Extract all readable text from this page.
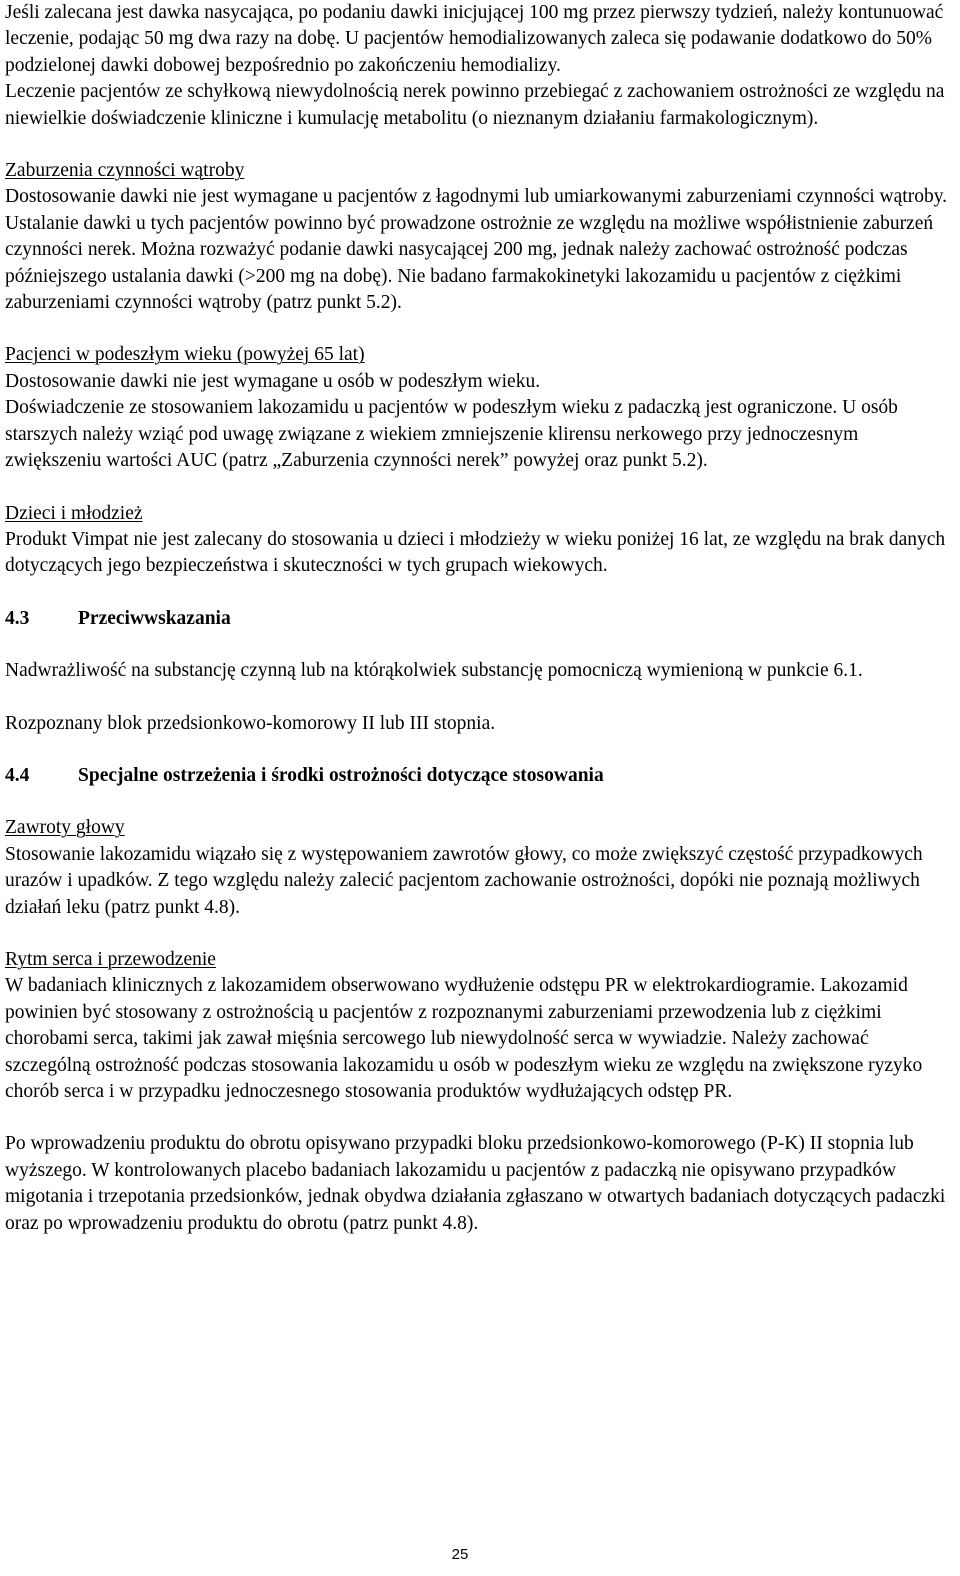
Jeśli zalecana jest dawka nasycająca, po podaniu dawki inicjującej 100 mg przez pierwszy tydzień, należy kontunuować leczenie, podając 50 mg dwa razy na dobę. U pacjentów hemodializowanych zaleca się podawanie dodatkowo do 50% podzielonej dawki dobowej bezpośrednio po zakończeniu hemodializy.

Leczenie pacjentów ze schyłkową niewydolnością nerek powinno przebiegać z zachowaniem ostrożności ze względu na niewielkie doświadczenie kliniczne i kumulację metabolitu (o nieznanym działaniu farmakologicznym).

Zaburzenia czynności wątroby

Dostosowanie dawki nie jest wymagane u pacjentów z łagodnymi lub umiarkowanymi zaburzeniami czynności wątroby.

Ustalanie dawki u tych pacjentów powinno być prowadzone ostrożnie ze względu na możliwe współistnienie zaburzeń czynności nerek. Można rozważyć podanie dawki nasycającej 200 mg, jednak należy zachować ostrożność podczas późniejszego ustalania dawki (>200 mg na dobę). Nie badano farmakokinetyki lakozamidu u pacjentów z ciężkimi zaburzeniami czynności wątroby (patrz punkt 5.2).

Pacjenci w podeszłym wieku (powyżej 65 lat)

Dostosowanie dawki nie jest wymagane u osób w podeszłym wieku.

Doświadczenie ze stosowaniem lakozamidu u pacjentów w podeszłym wieku z padaczką jest ograniczone. U osób starszych należy wziąć pod uwagę związane z wiekiem zmniejszenie klirensu nerkowego przy jednoczesnym zwiększeniu wartości AUC (patrz „Zaburzenia czynności nerek” powyżej oraz punkt 5.2).

Dzieci i młodzież

Produkt Vimpat nie jest zalecany do stosowania u dzieci i młodzieży w wieku poniżej 16 lat, ze względu na brak danych dotyczących jego bezpieczeństwa i skuteczności w tych grupach wiekowych.

4.3 Przeciwwskazania

Nadwrażliwość na substancję czynną lub na którąkolwiek substancję pomocniczą wymienioną w punkcie 6.1.

Rozpoznany blok przedsionkowo-komorowy II lub III stopnia.

4.4 Specjalne ostrzeżenia i środki ostrożności dotyczące stosowania

Zawroty głowy

Stosowanie lakozamidu wiązało się z występowaniem zawrotów głowy, co może zwiększyć częstość przypadkowych urazów i upadków. Z tego względu należy zalecić pacjentom zachowanie ostrożności, dopóki nie poznają możliwych działań leku (patrz punkt 4.8).

Rytm serca i przewodzenie

W badaniach klinicznych z lakozamidem obserwowano wydłużenie odstępu PR w elektrokardiogramie. Lakozamid powinien być stosowany z ostrożnością u pacjentów z rozpoznanymi zaburzeniami przewodzenia lub z ciężkimi chorobami serca, takimi jak zawał mięśnia sercowego lub niewydolność serca w wywiadzie. Należy zachować szczególną ostrożność podczas stosowania lakozamidu u osób w podeszłym wieku ze względu na zwiększone ryzyko chorób serca i w przypadku jednoczesnego stosowania produktów wydłużających odstęp PR.

Po wprowadzeniu produktu do obrotu opisywano przypadki bloku przedsionkowo-komorowego (P-K) II stopnia lub wyższego. W kontrolowanych placebo badaniach lakozamidu u pacjentów z padaczką nie opisywano przypadków migotania i trzepotania przedsionków, jednak obydwa działania zgłaszano w otwartych badaniach dotyczących padaczki oraz po wprowadzeniu produktu do obrotu (patrz punkt 4.8).

25
